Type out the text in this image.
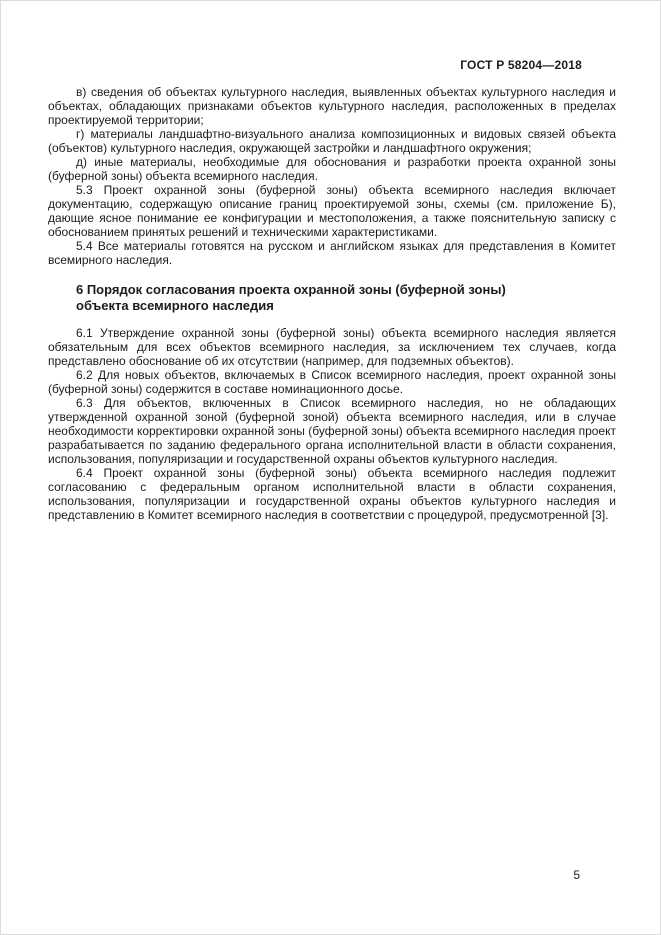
ГОСТ Р 58204—2018

в) сведения об объектах культурного наследия, выявленных объектах культурного наследия и объектах, обладающих признаками объектов культурного наследия, расположенных в пределах проектируемой территории;

г) материалы ландшафтно-визуального анализа композиционных и видовых связей объекта (объектов) культурного наследия, окружающей застройки и ландшафтного окружения;

д) иные материалы, необходимые для обоснования и разработки проекта охранной зоны (буферной зоны) объекта всемирного наследия.

5.3 Проект охранной зоны (буферной зоны) объекта всемирного наследия включает документацию, содержащую описание границ проектируемой зоны, схемы (см. приложение Б), дающие ясное понимание ее конфигурации и местоположения, а также пояснительную записку с обоснованием принятых решений и техническими характеристиками.

5.4 Все материалы готовятся на русском и английском языках для представления в Комитет всемирного наследия.

6 Порядок согласования проекта охранной зоны (буферной зоны)
объекта всемирного наследия

6.1 Утверждение охранной зоны (буферной зоны) объекта всемирного наследия является обязательным для всех объектов всемирного наследия, за исключением тех случаев, когда представлено обоснование об их отсутствии (например, для подземных объектов).

6.2 Для новых объектов, включаемых в Список всемирного наследия, проект охранной зоны (буферной зоны) содержится в составе номинационного досье.

6.3 Для объектов, включенных в Список всемирного наследия, но не обладающих утвержденной охранной зоной (буферной зоной) объекта всемирного наследия, или в случае необходимости корректировки охранной зоны (буферной зоны) объекта всемирного наследия проект разрабатывается по заданию федерального органа исполнительной власти в области сохранения, использования, популяризации и государственной охраны объектов культурного наследия.

6.4 Проект охранной зоны (буферной зоны) объекта всемирного наследия подлежит согласованию с федеральным органом исполнительной власти в области сохранения, использования, популяризации и государственной охраны объектов культурного наследия и представлению в Комитет всемирного наследия в соответствии с процедурой, предусмотренной [3].

5
